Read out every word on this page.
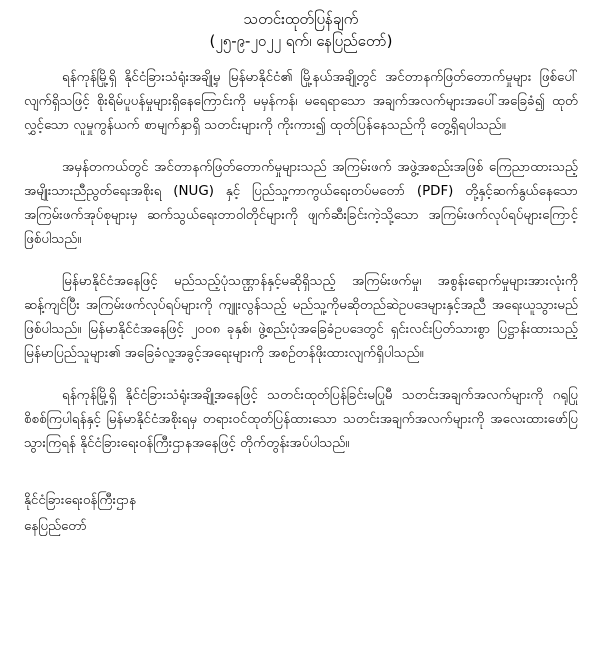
သတင်းထုတ်ပြန်ချက်

(၂၅-၉-၂၀၂၂ ရက်၊ နေပြည်တော်)

ရန်ကုန်မြို့ရှိ နိုင်ငံခြားသံရုံးအချို့မှ မြန်မာနိုင်ငံ၏ မြို့နယ်အချို့တွင် အင်တာနက်ဖြတ်တောက်မှုများ ဖြစ်ပေါ်လျက်ရှိသဖြင့် စိုးရိမ်ပူပန်မှုများရှိနေကြောင်းကို မမှန်ကန်၊ မရေရာသော အချက်အလက်များအပေါ်အခြေခံ၍ ထုတ်လွှင့်သော လူမှုကွန်ယက် စာမျက်နှာရှိ သတင်းများကို ကိုးကား၍ ထုတ်ပြန်နေသည်ကို တွေ့ရှိရပါသည်။

အမှန်တကယ်တွင် အင်တာနက်ဖြတ်တောက်မှုများသည် အကြမ်းဖက် အဖွဲ့အစည်းအဖြစ် ကြေညာထားသည့် အမျိုးသားညီညွတ်ရေးအစိုးရ (NUG) နှင့် ပြည်သူ့ကာကွယ်ရေးတပ်မတော် (PDF) တို့နှင့်ဆက်နွယ်နေသော အကြမ်းဖက်အုပ်စုများမှ ဆက်သွယ်ရေးတာဝါတိုင်များကို ဖျက်ဆီးခြင်းကဲ့သို့သော အကြမ်းဖက်လုပ်ရပ်များကြောင့်ဖြစ်ပါသည်။

မြန်မာနိုင်ငံအနေဖြင့် မည်သည့်ပုံသဏ္ဌာန်နှင့်မဆိုရှိသည့် အကြမ်းဖက်မှု၊ အစွန်းရောက်မှုများအားလုံးကို ဆန့်ကျင်ပြီး အကြမ်းဖက်လုပ်ရပ်များကို ကျူးလွန်သည့် မည်သူ့ကိုမဆိုတည်ဆဲဥပဒေများနှင့်အညီ အရေးယူသွားမည်ဖြစ်ပါသည်။ မြန်မာနိုင်ငံအနေဖြင့် ၂၀၀၈ ခုနှစ်၊ ဖွဲ့စည်းပုံအခြေခံဥပဒေတွင် ရှင်းလင်းပြတ်သားစွာ ပြဋ္ဌာန်းထားသည့် မြန်မာပြည်သူများ၏ အခြေခံလူ့အခွင့်အရေးများကို အစဉ်တန်ဖိုးထားလျက်ရှိပါသည်။

ရန်ကုန်မြို့ရှိ နိုင်ငံခြားသံရုံးအချို့အနေဖြင့် သတင်းထုတ်ပြန်ခြင်းမပြုမီ သတင်းအချက်အလက်များကို ဂရုပြုစိစစ်ကြပါရန်နှင့် မြန်မာနိုင်ငံအစိုးရမှ တရားဝင်ထုတ်ပြန်ထားသော သတင်းအချက်အလက်များကို အလေးထားဖော်ပြသွားကြရန် နိုင်ငံခြားရေးဝန်ကြီးဌာနအနေဖြင့် တိုက်တွန်းအပ်ပါသည်။

နိုင်ငံခြားရေးဝန်ကြီးဌာန

နေပြည်တော်
